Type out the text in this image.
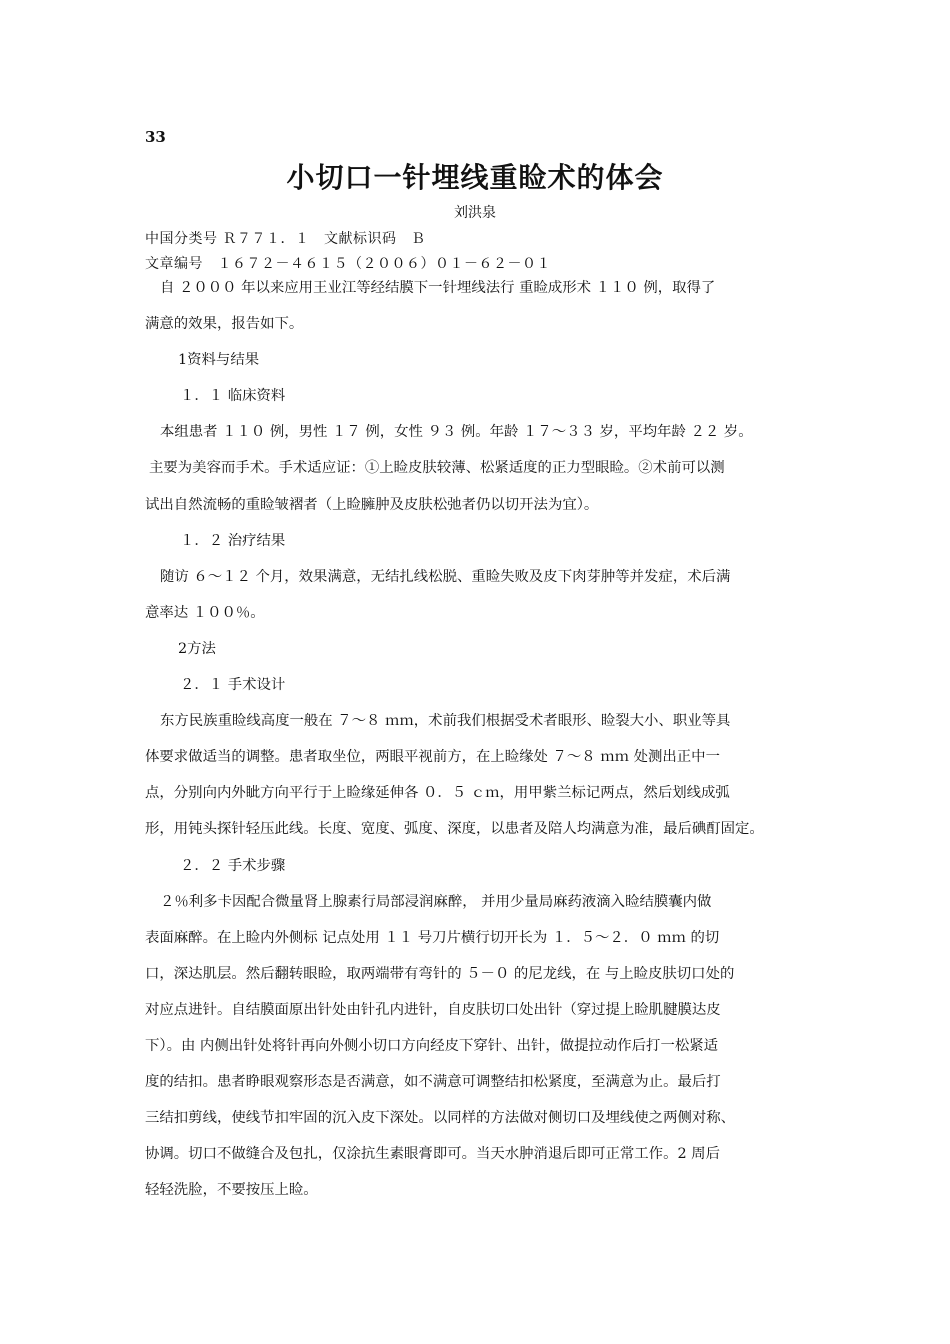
33
小切口一针埋线重睑术的体会
刘洪泉
中国分类号 Ｒ７７１．１　文献标识码　Ｂ
文章编号　１６７２－４６１５（２００６）０１－６２－０１
自 ２０００ 年以来应用王业江等经结膜下一针埋线法行 重睑成形术 １１０ 例，取得了
满意的效果，报告如下。
1资料与结果
１．１ 临床资料
本组患者 １１０ 例，男性 １７ 例，女性 ９３ 例。年龄 １７～３３ 岁，平均年龄 ２２ 岁。
主要为美容而手术。手术适应证：①上睑皮肤较薄、松紧适度的正力型眼睑。②术前可以测
试出自然流畅的重睑皱褶者（上睑臃肿及皮肤松弛者仍以切开法为宜）。
１．２ 治疗结果
随访 ６～１２ 个月，效果满意，无结扎线松脱、重睑失败及皮下肉芽肿等并发症，术后满
意率达 １００％。
2方法
２．１ 手术设计
东方民族重睑线高度一般在 ７～８ ｍｍ，术前我们根据受术者眼形、睑裂大小、职业等具
体要求做适当的调整。患者取坐位，两眼平视前方，在上睑缘处 ７～８ ｍｍ 处测出正中一
点，分别向内外眦方向平行于上睑缘延伸各 ０．５ ｃｍ，用甲紫兰标记两点，然后划线成弧
形，用钝头探针轻压此线。长度、宽度、弧度、深度，以患者及陪人均满意为准，最后碘酊固定。
２．２ 手术步骤
２％利多卡因配合微量肾上腺素行局部浸润麻醉， 并用少量局麻药液滴入睑结膜囊内做
表面麻醉。在上睑内外侧标 记点处用 １１ 号刀片横行切开长为 １．５～２．０ ｍｍ 的切
口，深达肌层。然后翻转眼睑，取两端带有弯针的 ５－０ 的尼龙线，在 与上睑皮肤切口处的
对应点进针。自结膜面原出针处由针孔内进针，自皮肤切口处出针（穿过提上睑肌腱膜达皮
下）。由 内侧出针处将针再向外侧小切口方向经皮下穿针、出针，做提拉动作后打一松紧适
度的结扣。患者睁眼观察形态是否满意，如不满意可调整结扣松紧度，至满意为止。最后打
三结扣剪线，使线节扣牢固的沉入皮下深处。以同样的方法做对侧切口及埋线使之两侧对称、
协调。切口不做缝合及包扎，仅涂抗生素眼膏即可。当天水肿消退后即可正常工作。2 周后
轻轻洗脸，不要按压上睑。
